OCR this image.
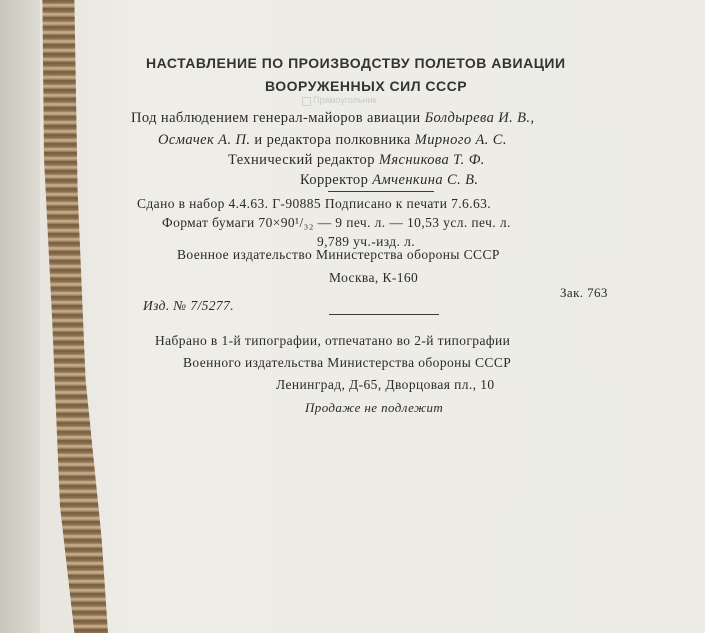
НАСТАВЛЕНИЕ ПО ПРОИЗВОДСТВУ ПОЛЕТОВ АВИАЦИИ
ВООРУЖЕННЫХ СИЛ СССР
Прямоугольник
Под наблюдением генерал-майоров авиации Болдырева И. В.,
Осмачек А. П. и редактора полковника Мирного А. С.
Технический редактор Мясникова Т. Ф.
Корректор Амченкина С. В.
Сдано в набор 4.4.63. Г-90885 Подписано к печати 7.6.63.
Формат бумаги 70×90¹/₃₂ — 9 печ. л. — 10,53 усл. печ. л.
9,789 уч.-изд. л.
Военное издательство Министерства обороны СССР
Москва, К-160
Изд. № 7/5277.
Зак. 763
Набрано в 1-й типографии, отпечатано во 2-й типографии
Военного издательства Министерства обороны СССР
Ленинград, Д-65, Дворцовая пл., 10
Продаже не подлежит
